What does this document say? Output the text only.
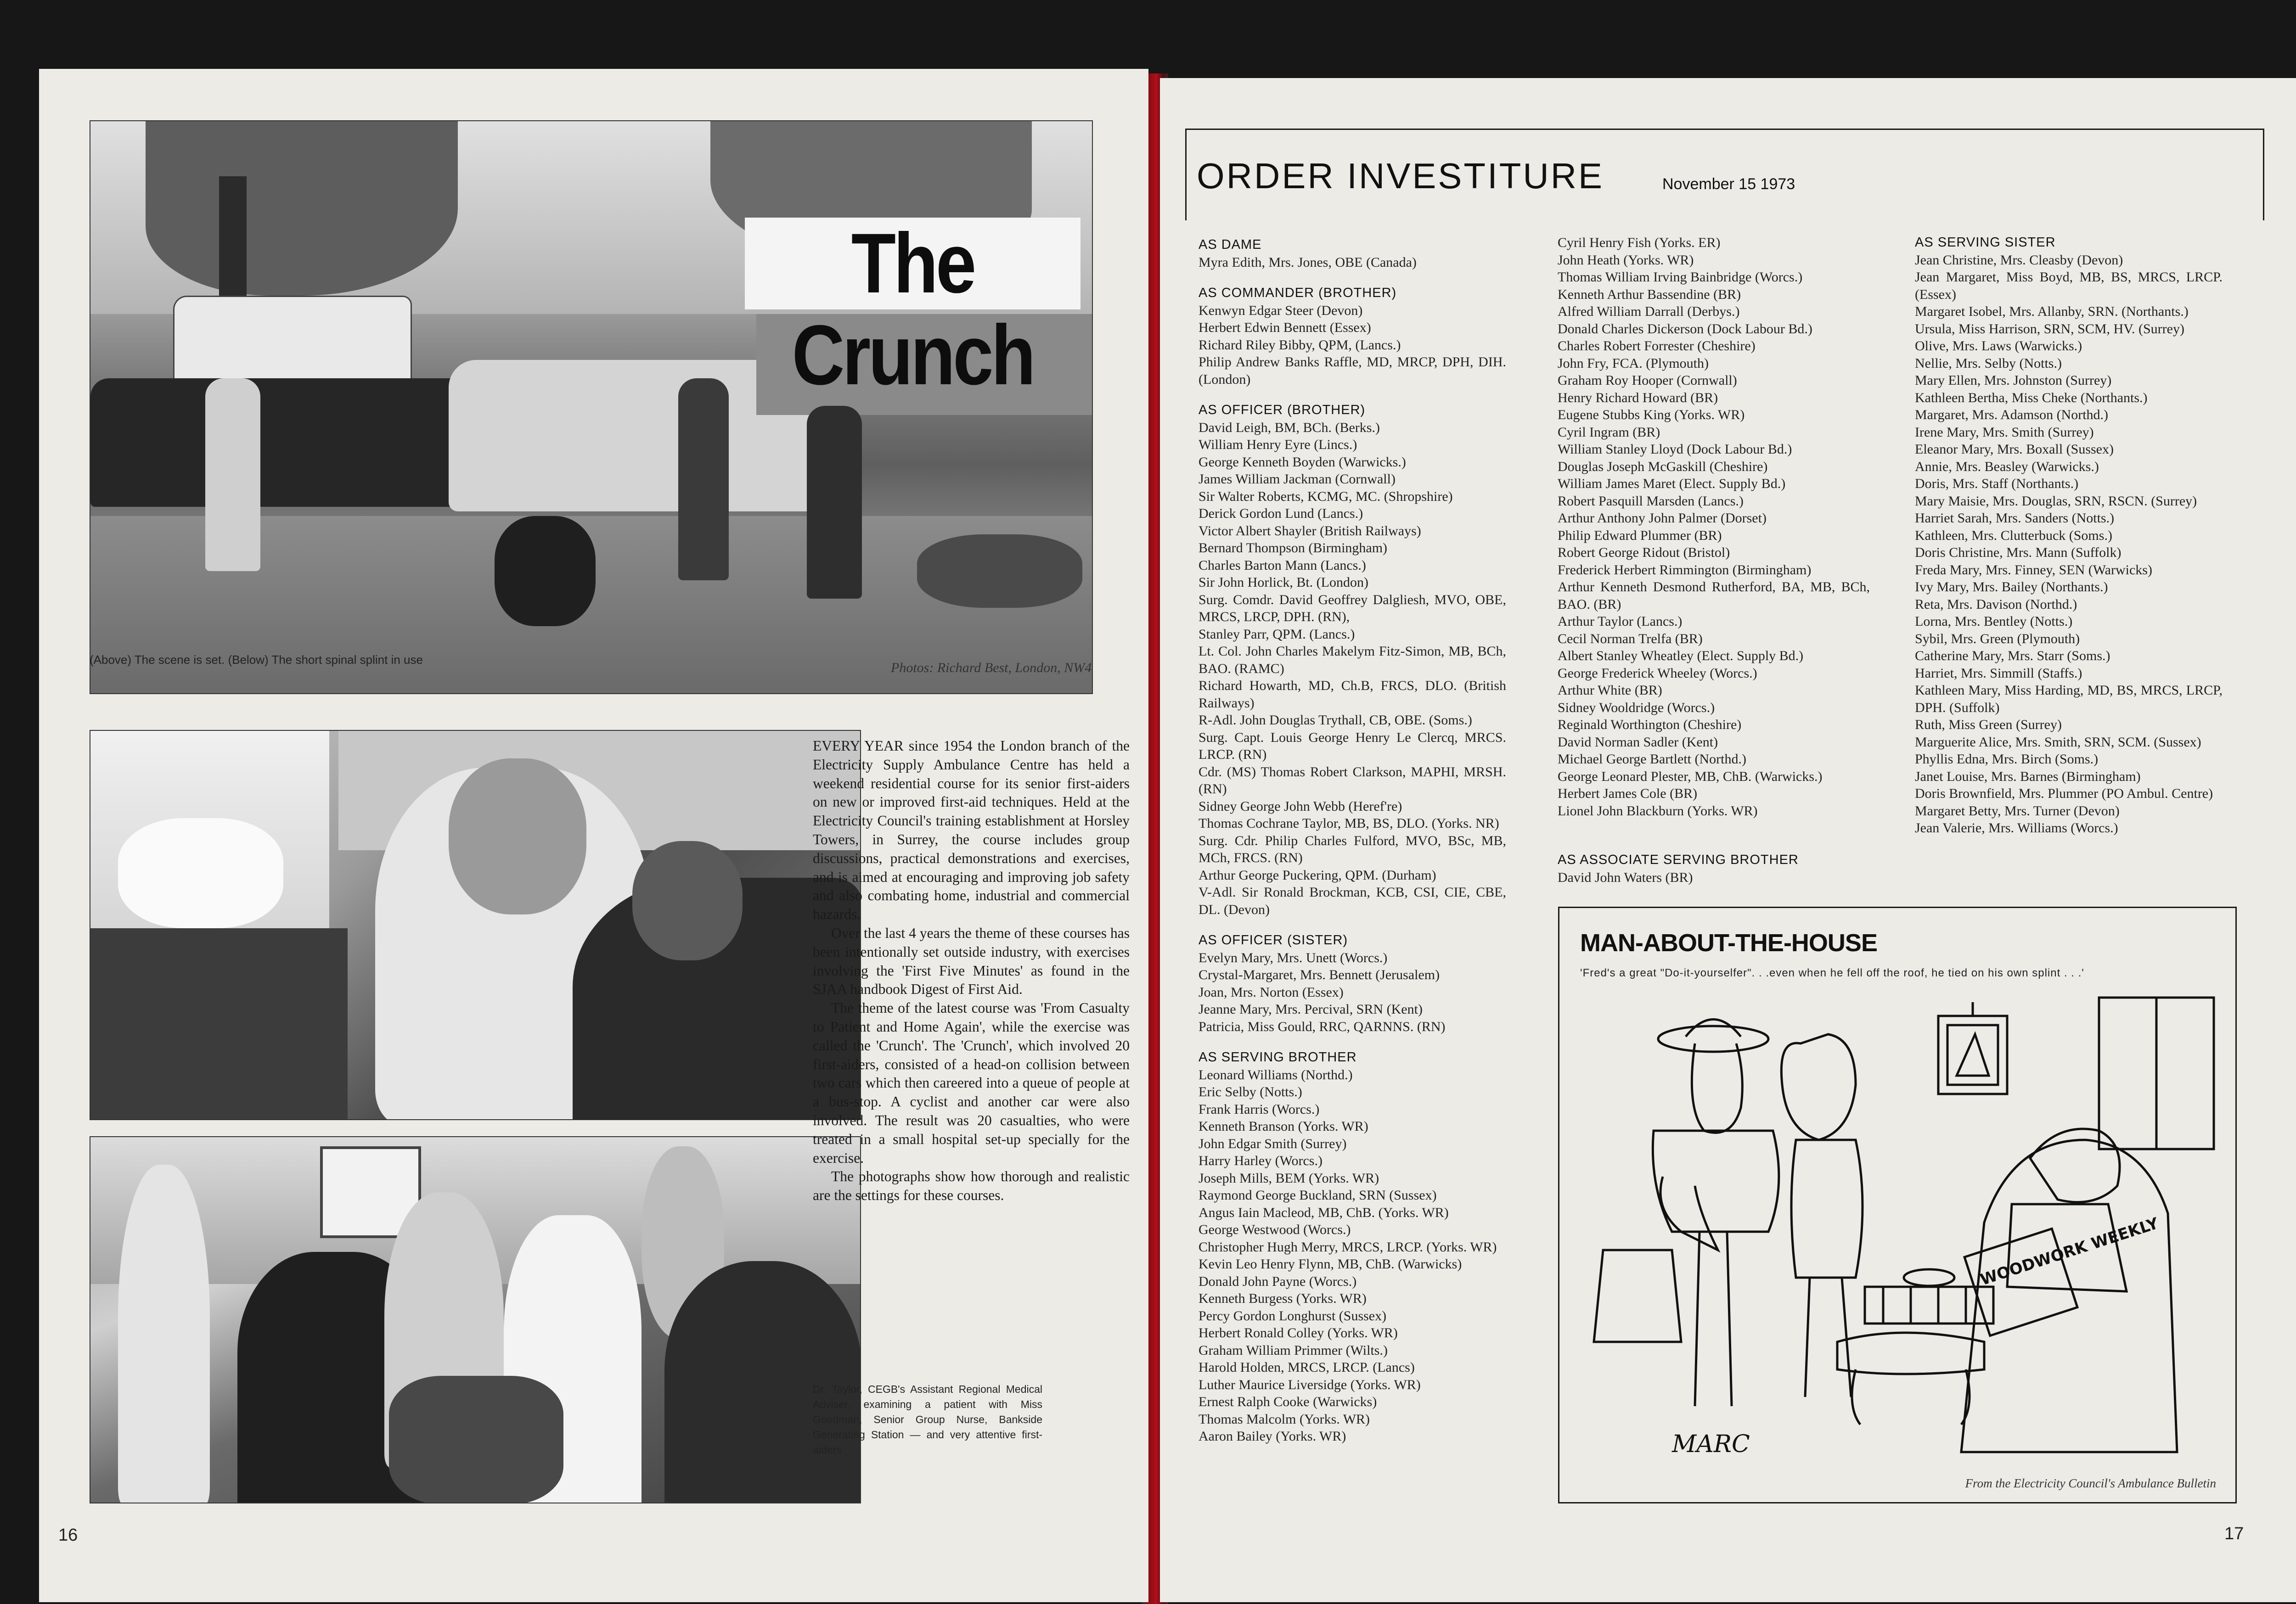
The Crunch
(Above) The scene is set. (Below) The short spinal splint in use
Photos: Richard Best, London, NW4

EVERY YEAR since 1954 the London branch of the Electricity Supply Ambulance Centre has held a weekend residential course for its senior first-aiders on new or improved first-aid techniques. Held at the Electricity Council's training establishment at Horsley Towers, in Surrey, the course includes group discussions, practical demonstrations and exercises, and is aimed at encouraging and improving job safety and also combating home, industrial and commercial hazards.

Over the last 4 years the theme of these courses has been intentionally set outside industry, with exercises involving the 'First Five Minutes' as found in the SJAA handbook Digest of First Aid.

The theme of the latest course was 'From Casualty to Patient and Home Again', while the exercise was called the 'Crunch'. The 'Crunch', which involved 20 first-aiders, consisted of a head-on collision between two cars which then careered into a queue of people at a bus-stop. A cyclist and another car were also involved. The result was 20 casualties, who were treated in a small hospital set-up specially for the exercise.

The photographs show how thorough and realistic are the settings for these courses.

Dr. Taylor, CEGB's Assistant Regional Medical Adviser, examining a patient with Miss Goodman, Senior Group Nurse, Bankside Generating Station — and very attentive first-aiders
16	17
ORDER INVESTITURE	November 15 1973
AS DAME
Myra Edith, Mrs. Jones, OBE (Canada)
AS COMMANDER (BROTHER)
Kenwyn Edgar Steer (Devon)
Herbert Edwin Bennett (Essex)
Richard Riley Bibby, QPM, (Lancs.)
Philip Andrew Banks Raffle, MD, MRCP, DPH, DIH. (London)
AS OFFICER (BROTHER)
David Leigh, BM, BCh. (Berks.)
William Henry Eyre (Lincs.)
George Kenneth Boyden (Warwicks.)
James William Jackman (Cornwall)
Sir Walter Roberts, KCMG, MC. (Shropshire)
Derick Gordon Lund (Lancs.)
Victor Albert Shayler (British Railways)
Bernard Thompson (Birmingham)
Charles Barton Mann (Lancs.)
Sir John Horlick, Bt. (London)
Surg. Comdr. David Geoffrey Dalgliesh, MVO, OBE, MRCS, LRCP, DPH. (RN),
Stanley Parr, QPM. (Lancs.)
Lt. Col. John Charles Makelym Fitz-Simon, MB, BCh, BAO. (RAMC)
Richard Howarth, MD, Ch.B, FRCS, DLO. (British Railways)
R-Adl. John Douglas Trythall, CB, OBE. (Soms.)
Surg. Capt. Louis George Henry Le Clercq, MRCS. LRCP. (RN)
Cdr. (MS) Thomas Robert Clarkson, MAPHI, MRSH. (RN)
Sidney George John Webb (Heref're)
Thomas Cochrane Taylor, MB, BS, DLO. (Yorks. NR)
Surg. Cdr. Philip Charles Fulford, MVO, BSc, MB, MCh, FRCS. (RN)
Arthur George Puckering, QPM. (Durham)
V-Adl. Sir Ronald Brockman, KCB, CSI, CIE, CBE, DL. (Devon)
AS OFFICER (SISTER)
Evelyn Mary, Mrs. Unett (Worcs.)
Crystal-Margaret, Mrs. Bennett (Jerusalem)
Joan, Mrs. Norton (Essex)
Jeanne Mary, Mrs. Percival, SRN (Kent)
Patricia, Miss Gould, RRC, QARNNS. (RN)
AS SERVING BROTHER
Leonard Williams (Northd.)
Eric Selby (Notts.)
Frank Harris (Worcs.)
Kenneth Branson (Yorks. WR)
John Edgar Smith (Surrey)
Harry Harley (Worcs.)
Joseph Mills, BEM (Yorks. WR)
Raymond George Buckland, SRN (Sussex)
Angus Iain Macleod, MB, ChB. (Yorks. WR)
George Westwood (Worcs.)
Christopher Hugh Merry, MRCS, LRCP. (Yorks. WR)
Kevin Leo Henry Flynn, MB, ChB. (Warwicks)
Donald John Payne (Worcs.)
Kenneth Burgess (Yorks. WR)
Percy Gordon Longhurst (Sussex)
Herbert Ronald Colley (Yorks. WR)
Graham William Primmer (Wilts.)
Harold Holden, MRCS, LRCP. (Lancs)
Luther Maurice Liversidge (Yorks. WR)
Ernest Ralph Cooke (Warwicks)
Thomas Malcolm (Yorks. WR)
Aaron Bailey (Yorks. WR)
Cyril Henry Fish (Yorks. ER)
John Heath (Yorks. WR)
Thomas William Irving Bainbridge (Worcs.)
Kenneth Arthur Bassendine (BR)
Alfred William Darrall (Derbys.)
Donald Charles Dickerson (Dock Labour Bd.)
Charles Robert Forrester (Cheshire)
John Fry, FCA. (Plymouth)
Graham Roy Hooper (Cornwall)
Henry Richard Howard (BR)
Eugene Stubbs King (Yorks. WR)
Cyril Ingram (BR)
William Stanley Lloyd (Dock Labour Bd.)
Douglas Joseph McGaskill (Cheshire)
William James Maret (Elect. Supply Bd.)
Robert Pasquill Marsden (Lancs.)
Arthur Anthony John Palmer (Dorset)
Philip Edward Plummer (BR)
Robert George Ridout (Bristol)
Frederick Herbert Rimmington (Birmingham)
Arthur Kenneth Desmond Rutherford, BA, MB, BCh, BAO. (BR)
Arthur Taylor (Lancs.)
Cecil Norman Trelfa (BR)
Albert Stanley Wheatley (Elect. Supply Bd.)
George Frederick Wheeley (Worcs.)
Arthur White (BR)
Sidney Wooldridge (Worcs.)
Reginald Worthington (Cheshire)
David Norman Sadler (Kent)
Michael George Bartlett (Northd.)
George Leonard Plester, MB, ChB. (Warwicks.)
Herbert James Cole (BR)
Lionel John Blackburn (Yorks. WR)
AS ASSOCIATE SERVING BROTHER
David John Waters (BR)
AS SERVING SISTER
Jean Christine, Mrs. Cleasby (Devon)
Jean Margaret, Miss Boyd, MB, BS, MRCS, LRCP. (Essex)
Margaret Isobel, Mrs. Allanby, SRN. (Northants.)
Ursula, Miss Harrison, SRN, SCM, HV. (Surrey)
Olive, Mrs. Laws (Warwicks.)
Nellie, Mrs. Selby (Notts.)
Mary Ellen, Mrs. Johnston (Surrey)
Kathleen Bertha, Miss Cheke (Northants.)
Margaret, Mrs. Adamson (Northd.)
Irene Mary, Mrs. Smith (Surrey)
Eleanor Mary, Mrs. Boxall (Sussex)
Annie, Mrs. Beasley (Warwicks.)
Doris, Mrs. Staff (Northants.)
Mary Maisie, Mrs. Douglas, SRN, RSCN. (Surrey)
Harriet Sarah, Mrs. Sanders (Notts.)
Kathleen, Mrs. Clutterbuck (Soms.)
Doris Christine, Mrs. Mann (Suffolk)
Freda Mary, Mrs. Finney, SEN (Warwicks)
Ivy Mary, Mrs. Bailey (Northants.)
Reta, Mrs. Davison (Northd.)
Lorna, Mrs. Bentley (Notts.)
Sybil, Mrs. Green (Plymouth)
Catherine Mary, Mrs. Starr (Soms.)
Harriet, Mrs. Simmill (Staffs.)
Kathleen Mary, Miss Harding, MD, BS, MRCS, LRCP, DPH. (Suffolk)
Ruth, Miss Green (Surrey)
Marguerite Alice, Mrs. Smith, SRN, SCM. (Sussex)
Phyllis Edna, Mrs. Birch (Soms.)
Janet Louise, Mrs. Barnes (Birmingham)
Doris Brownfield, Mrs. Plummer (PO Ambul. Centre)
Margaret Betty, Mrs. Turner (Devon)
Jean Valerie, Mrs. Williams (Worcs.)
MAN-ABOUT-THE-HOUSE
'Fred's a great "Do-it-yourselfer". . .even when he fell off the roof, he tied on his own splint . . .'
WOODWORK WEEKLY
MARC
From the Electricity Council's Ambulance Bulletin
